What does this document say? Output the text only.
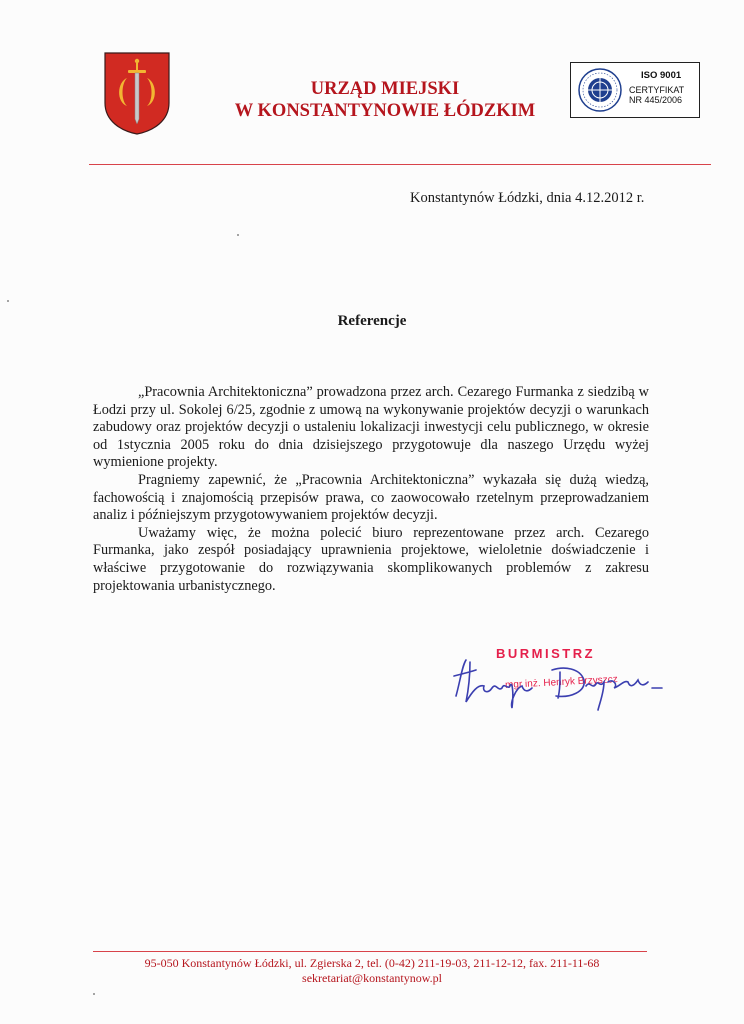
URZĄD MIEJSKI
W KONSTANTYNOWIE ŁÓDZKIM
ISO 9001
CERTYFIKAT
NR 445/2006
Konstantynów Łódzki, dnia 4.12.2012 r.
Referencje

„Pracownia Architektoniczna” prowadzona przez arch. Cezarego Furmanka z siedzibą w Łodzi przy ul. Sokolej 6/25, zgodnie z umową na wykonywanie projektów decyzji o warunkach zabudowy oraz projektów decyzji o ustaleniu lokalizacji inwestycji celu publicznego, w okresie od 1stycznia 2005 roku do dnia dzisiejszego przygotowuje dla naszego Urzędu wyżej wymienione projekty.

Pragniemy zapewnić, że „Pracownia Architektoniczna” wykazała się dużą wiedzą, fachowością i znajomością przepisów prawa, co zaowocowało rzetelnym przeprowadzaniem analiz i późniejszym przygotowywaniem projektów decyzji.

Uważamy więc, że można polecić biuro reprezentowane przez arch. Cezarego Furmanka, jako zespół posiadający uprawnienia projektowe, wieloletnie doświadczenie i właściwe przygotowanie do rozwiązywania skomplikowanych problemów z zakresu projektowania urbanistycznego.

BURMISTRZ
mgr inż. Henryk Brzyszcz
95-050 Konstantynów Łódzki, ul. Zgierska 2, tel. (0-42) 211-19-03, 211-12-12, fax. 211-11-68
sekretariat@konstantynow.pl
